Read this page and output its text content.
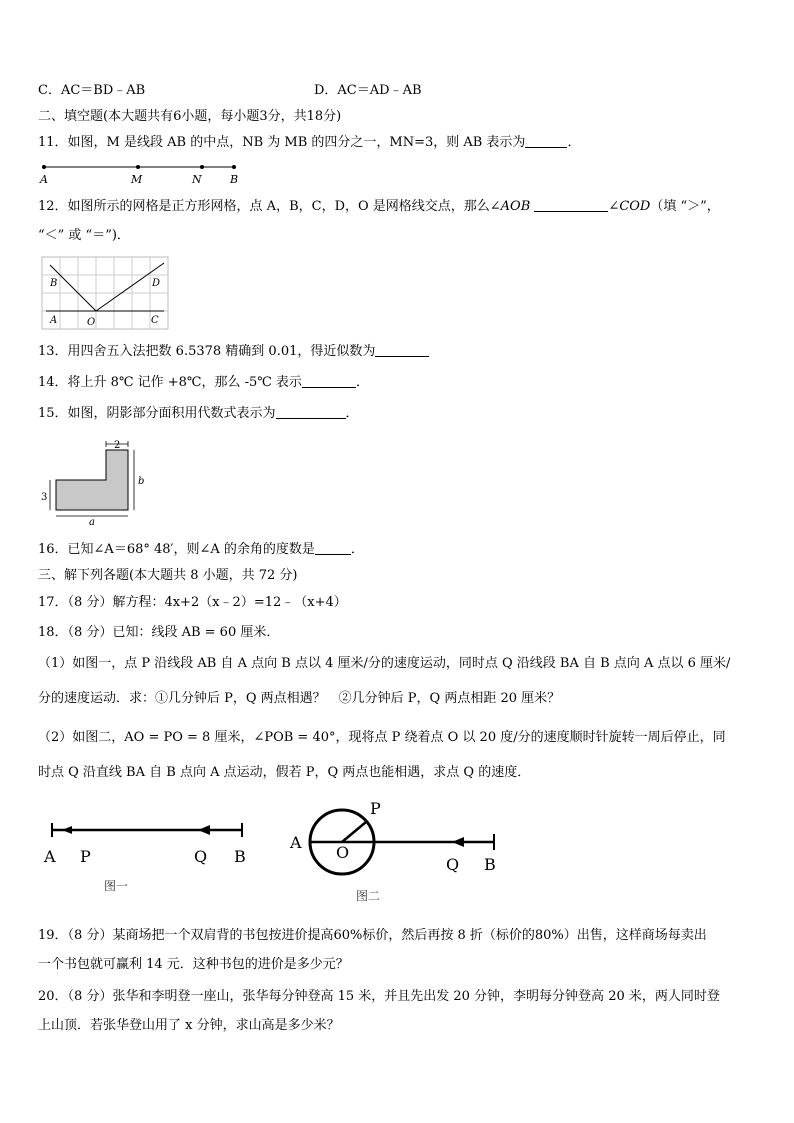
C．AC＝BD﹣AB	D．AC＝AD﹣AB
二、填空题(本大题共有6小题，每小题3分，共18分)
11．如图，M 是线段 AB 的中点，NB 为 MB 的四分之一，MN=3，则 AB 表示为	．
A	M	N	B
12．如图所示的网格是正方形网格，点 A，B，C，D，O 是网格线交点，那么∠AOB	∠COD（填 “＞”，
“＜” 或 “＝”)．
B	D
A	O	C
13．用四舍五入法把数 6.5378 精确到 0.01，得近似数为
14．将上升 8℃ 记作 +8℃，那么 -5℃ 表示	．
15．如图，阴影部分面积用代数式表示为	．
2
3
b
a
16．已知∠A＝68° 48′，则∠A 的余角的度数是	．
三、解下列各题(本大题共 8 小题，共 72 分)
17．（8 分）解方程：4x+2（x﹣2）=12﹣（x+4）
18．（8 分）已知：线段 AB = 60 厘米．
（1）如图一，点 P 沿线段 AB 自 A 点向 B 点以 4 厘米/分的速度运动，同时点 Q 沿线段 BA 自 B 点向 A 点以 6 厘米/
分的速度运动．求：①几分钟后 P，Q 两点相遇？　②几分钟后 P，Q 两点相距 20 厘米？
（2）如图二，AO = PO = 8 厘米，∠POB = 40°，现将点 P 绕着点 O 以 20 度/分的速度顺时针旋转一周后停止，同
时点 Q 沿直线 BA 自 B 点向 A 点运动，假若 P，Q 两点也能相遇，求点 Q 的速度．
A P	Q B
图一
P
A
O
Q B
图二
19．（8 分）某商场把一个双肩背的书包按进价提高60%标价，然后再按 8 折（标价的80%）出售，这样商场每卖出
一个书包就可赢利 14 元．这种书包的进价是多少元？
20．（8 分）张华和李明登一座山，张华每分钟登高 15 米，并且先出发 20 分钟，李明每分钟登高 20 米，两人同时登
上山顶．若张华登山用了 x 分钟，求山高是多少米？
